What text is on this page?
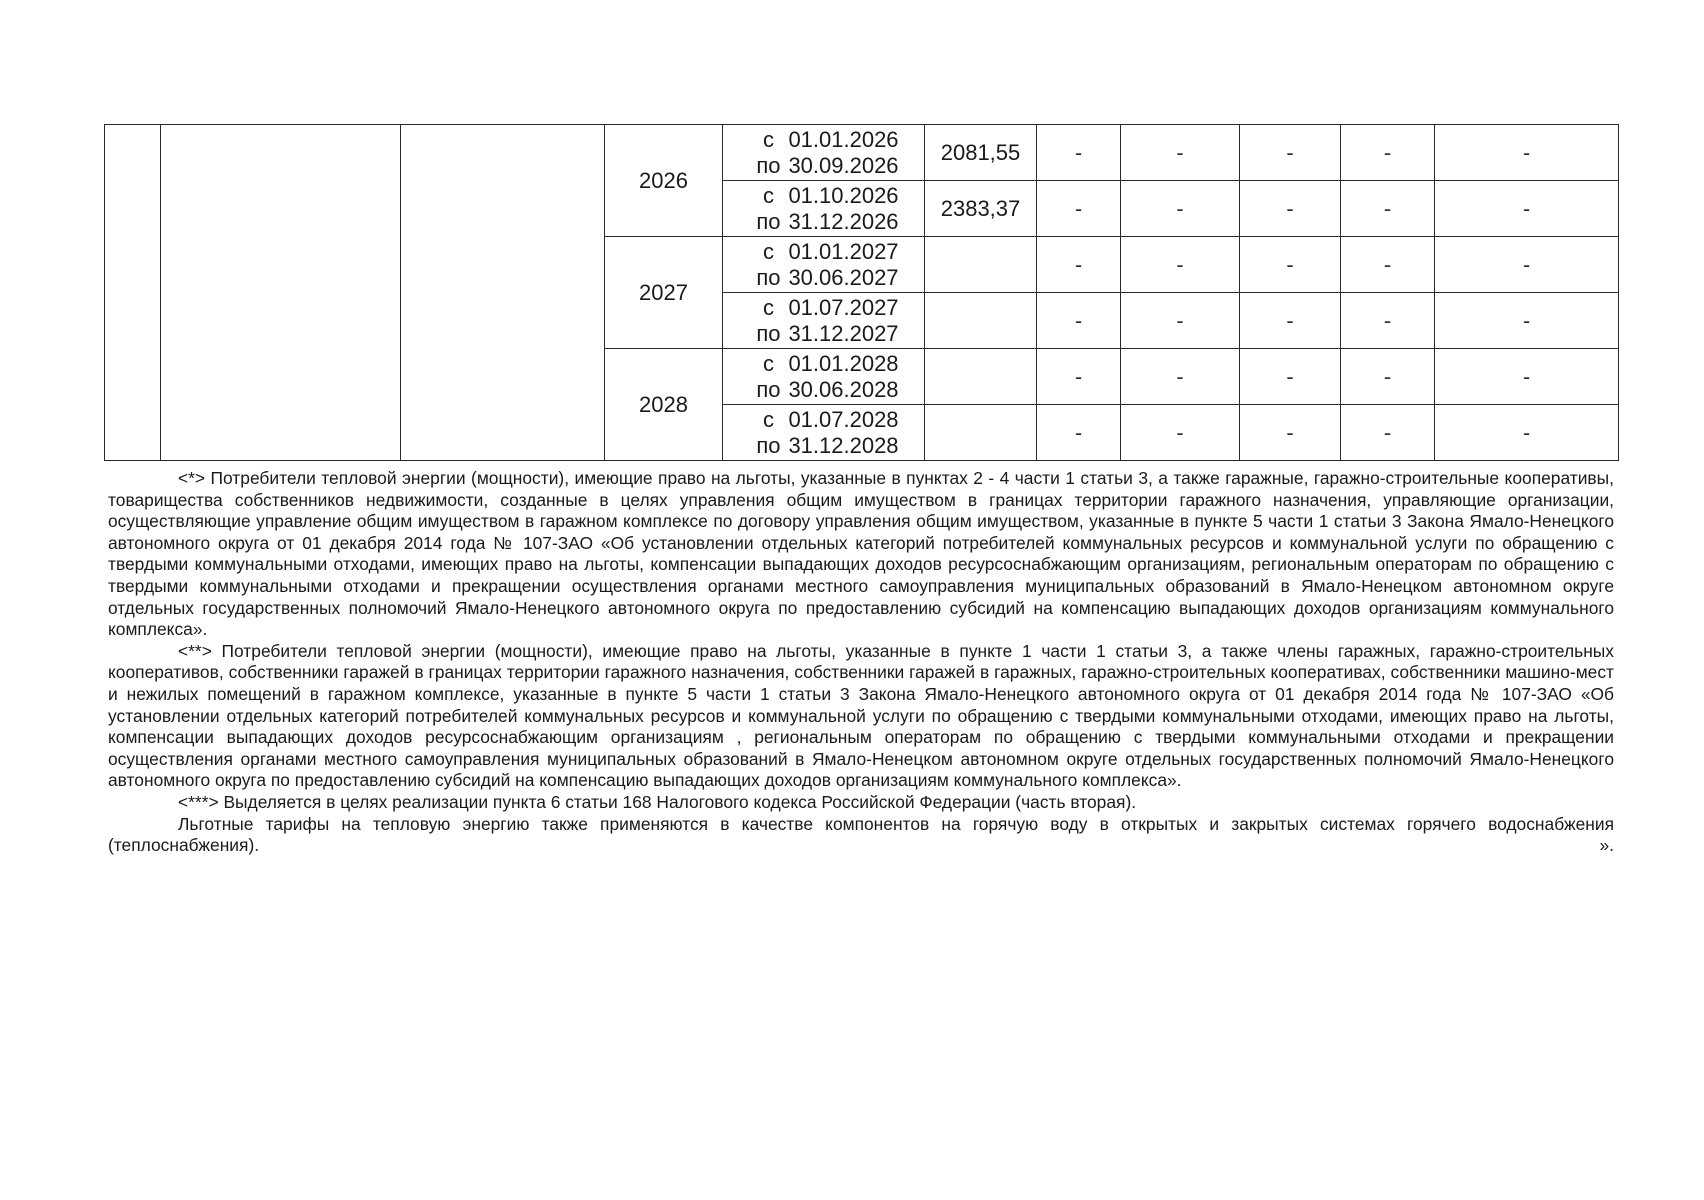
			2026	с 01.01.2026
по 30.09.2026	2081,55	-	-	-	-	-

				с 01.10.2026
по 31.12.2026	2383,37	-	-	-	-	-
			2027	с 01.01.2027
по 30.06.2027		-	-	-	-	-

				с 01.07.2027
по 31.12.2027		-	-	-	-	-
			2028	с 01.01.2028
по 30.06.2028		-	-	-	-	-

				с 01.07.2028
по 31.12.2028		-	-	-	-	-

<*> Потребители тепловой энергии (мощности), имеющие право на льготы, указанные в пунктах 2 - 4 части 1 статьи 3, а также гаражные, гаражно-строительные кооперативы, товарищества собственников недвижимости, созданные в целях управления общим имуществом в границах территории гаражного назначения, управляющие организации, осуществляющие управление общим имуществом в гаражном комплексе по договору управления общим имуществом, указанные в пункте 5 части 1 статьи 3 Закона Ямало-Ненецкого автономного округа от 01 декабря 2014 года № 107-ЗАО «Об установлении отдельных категорий потребителей коммунальных ресурсов и коммунальной услуги по обращению с твердыми коммунальными отходами, имеющих право на льготы, компенсации выпадающих доходов ресурсоснабжающим организациям, региональным операторам по обращению с твердыми коммунальными отходами и прекращении осуществления органами местного самоуправления муниципальных образований в Ямало-Ненецком автономном округе отдельных государственных полномочий Ямало-Ненецкого автономного округа по предоставлению субсидий на компенсацию выпадающих доходов организациям коммунального комплекса».

<**> Потребители тепловой энергии (мощности), имеющие право на льготы, указанные в пункте 1 части 1 статьи 3, а также члены гаражных, гаражно-строительных кооперативов, собственники гаражей в границах территории гаражного назначения, собственники гаражей в гаражных, гаражно-строительных кооперативах, собственники машино-мест и нежилых помещений в гаражном комплексе, указанные в пункте 5 части 1 статьи 3 Закона Ямало-Ненецкого автономного округа от 01 декабря 2014 года № 107-ЗАО «Об установлении отдельных категорий потребителей коммунальных ресурсов и коммунальной услуги по обращению с твердыми коммунальными отходами, имеющих право на льготы, компенсации выпадающих доходов ресурсоснабжающим организациям , региональным операторам по обращению с твердыми коммунальными отходами и прекращении осуществления органами местного самоуправления муниципальных образований в Ямало-Ненецком автономном округе отдельных государственных полномочий Ямало-Ненецкого автономного округа по предоставлению субсидий на компенсацию выпадающих доходов организациям коммунального комплекса».

<***> Выделяется в целях реализации пункта 6 статьи 168 Налогового кодекса Российской Федерации (часть вторая).

Льготные тарифы на тепловую энергию также применяются в качестве компонентов на горячую воду в открытых и закрытых системах горячего водоснабжения (теплоснабжения).	».
